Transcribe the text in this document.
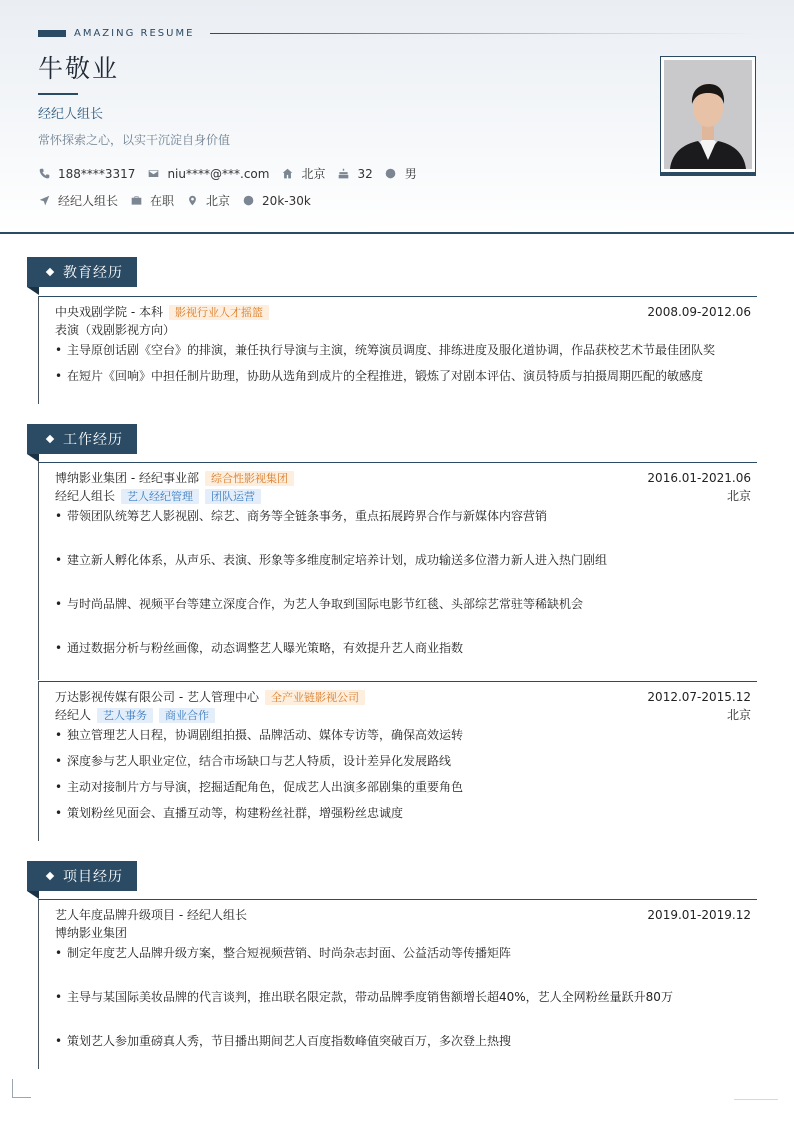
AMAZING RESUME
牛敬业
经纪人组长
常怀探索之心，以实干沉淀自身价值
188****3317	niu****@***.com	北京	32	男
经纪人组长	在职	北京	20k-30k
教育经历
中央戏剧学院 - 本科 影视行业人才摇篮	2008.09-2012.06
表演（戏剧影视方向）
• 主导原创话剧《空台》的排演，兼任执行导演与主演，统筹演员调度、排练进度及服化道协调，作品获校艺术节最佳团队奖
• 在短片《回响》中担任制片助理，协助从选角到成片的全程推进，锻炼了对剧本评估、演员特质与拍摄周期匹配的敏感度
工作经历
博纳影业集团 - 经纪事业部 综合性影视集团	2016.01-2021.06
经纪人组长 艺人经纪管理 团队运营	北京
• 带领团队统筹艺人影视剧、综艺、商务等全链条事务，重点拓展跨界合作与新媒体内容营销
• 建立新人孵化体系，从声乐、表演、形象等多维度制定培养计划，成功输送多位潜力新人进入热门剧组
• 与时尚品牌、视频平台等建立深度合作，为艺人争取到国际电影节红毯、头部综艺常驻等稀缺机会
• 通过数据分析与粉丝画像，动态调整艺人曝光策略，有效提升艺人商业指数
万达影视传媒有限公司 - 艺人管理中心 全产业链影视公司	2012.07-2015.12
经纪人 艺人事务 商业合作	北京
• 独立管理艺人日程，协调剧组拍摄、品牌活动、媒体专访等，确保高效运转
• 深度参与艺人职业定位，结合市场缺口与艺人特质，设计差异化发展路线
• 主动对接制片方与导演，挖掘适配角色，促成艺人出演多部剧集的重要角色
• 策划粉丝见面会、直播互动等，构建粉丝社群，增强粉丝忠诚度
项目经历
艺人年度品牌升级项目 - 经纪人组长	2019.01-2019.12
博纳影业集团
• 制定年度艺人品牌升级方案，整合短视频营销、时尚杂志封面、公益活动等传播矩阵
• 主导与某国际美妆品牌的代言谈判，推出联名限定款，带动品牌季度销售额增长超40%，艺人全网粉丝量跃升80万
• 策划艺人参加重磅真人秀，节目播出期间艺人百度指数峰值突破百万，多次登上热搜
